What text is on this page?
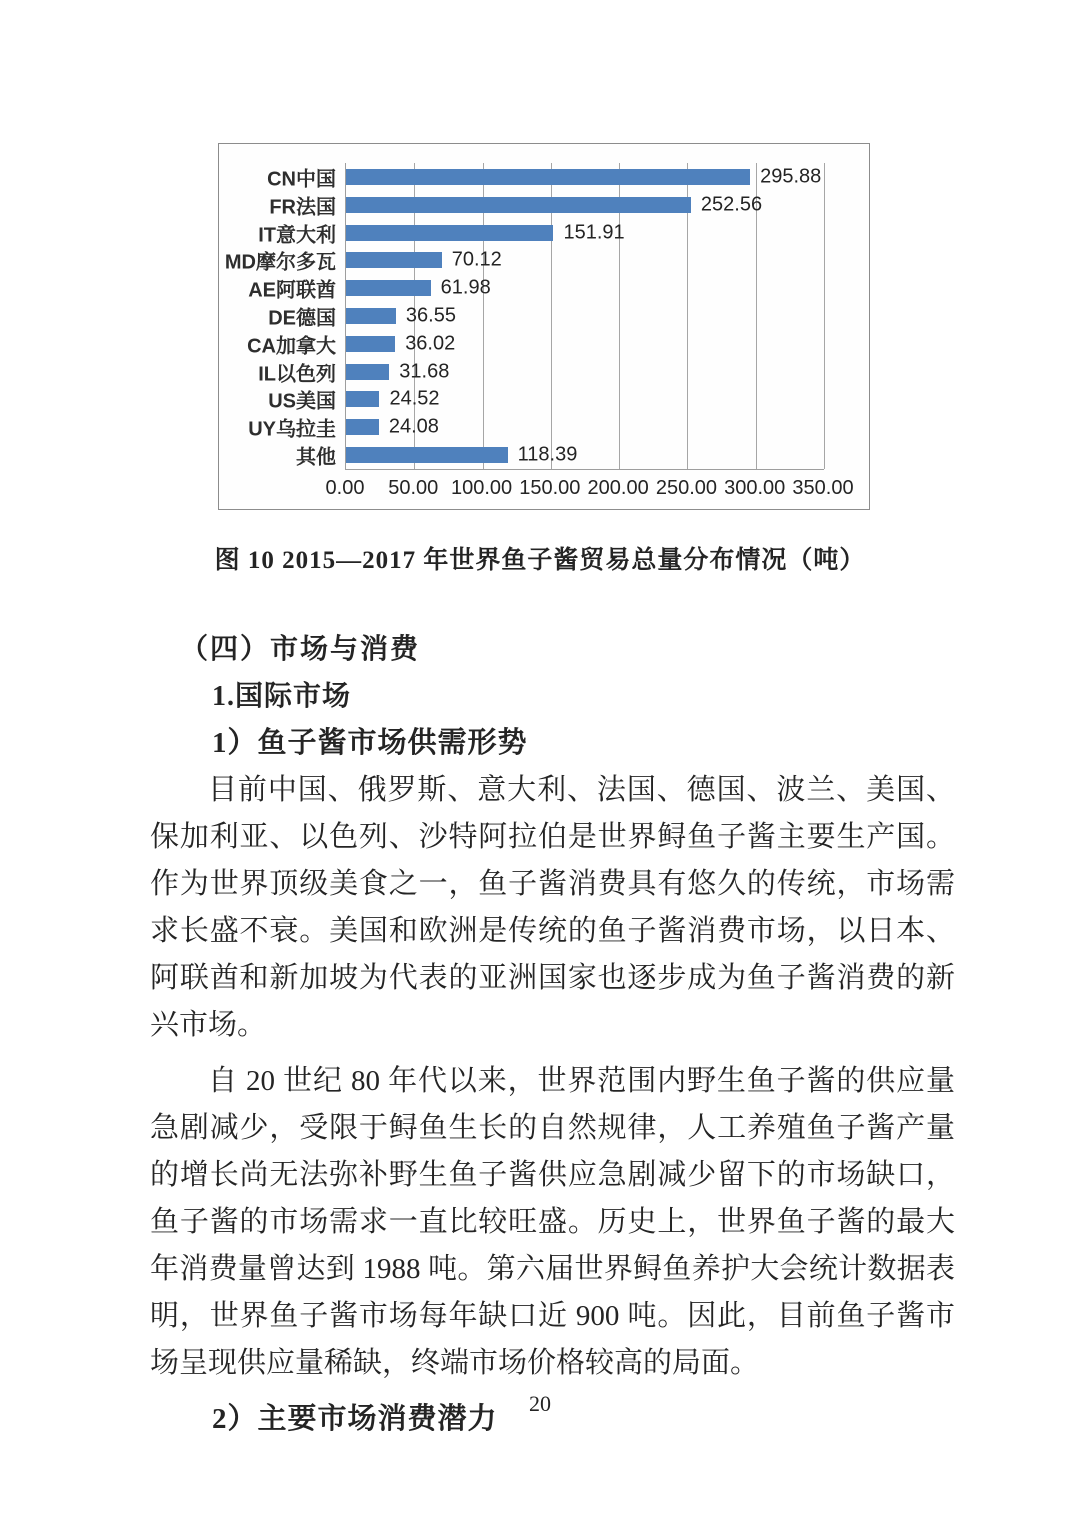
CN中国	295.88
FR法国	252.56
IT意大利	151.91
MD摩尔多瓦	70.12
AE阿联酋	61.98
DE德国	36.55
CA加拿大	36.02
IL以色列	31.68
US美国	24.52
UY乌拉圭	24.08
其他	118.39
0.00 50.00 100.00 150.00 200.00 250.00 300.00 350.00
图 10 2015—2017 年世界鱼子酱贸易总量分布情况（吨）
（四）市场与消费
1.国际市场
1）鱼子酱市场供需形势

目前中国、俄罗斯、意大利、法国、德国、波兰、美国、保加利亚、以色列、沙特阿拉伯是世界鲟鱼子酱主要生产国。作为世界顶级美食之一，鱼子酱消费具有悠久的传统，市场需求长盛不衰。美国和欧洲是传统的鱼子酱消费市场，以日本、阿联酋和新加坡为代表的亚洲国家也逐步成为鱼子酱消费的新兴市场。

自 20 世纪 80 年代以来，世界范围内野生鱼子酱的供应量急剧减少，受限于鲟鱼生长的自然规律，人工养殖鱼子酱产量的增长尚无法弥补野生鱼子酱供应急剧减少留下的市场缺口，鱼子酱的市场需求一直比较旺盛。历史上，世界鱼子酱的最大年消费量曾达到 1988 吨。第六届世界鲟鱼养护大会统计数据表明，世界鱼子酱市场每年缺口近 900 吨。因此，目前鱼子酱市场呈现供应量稀缺，终端市场价格较高的局面。

2）主要市场消费潜力	20
